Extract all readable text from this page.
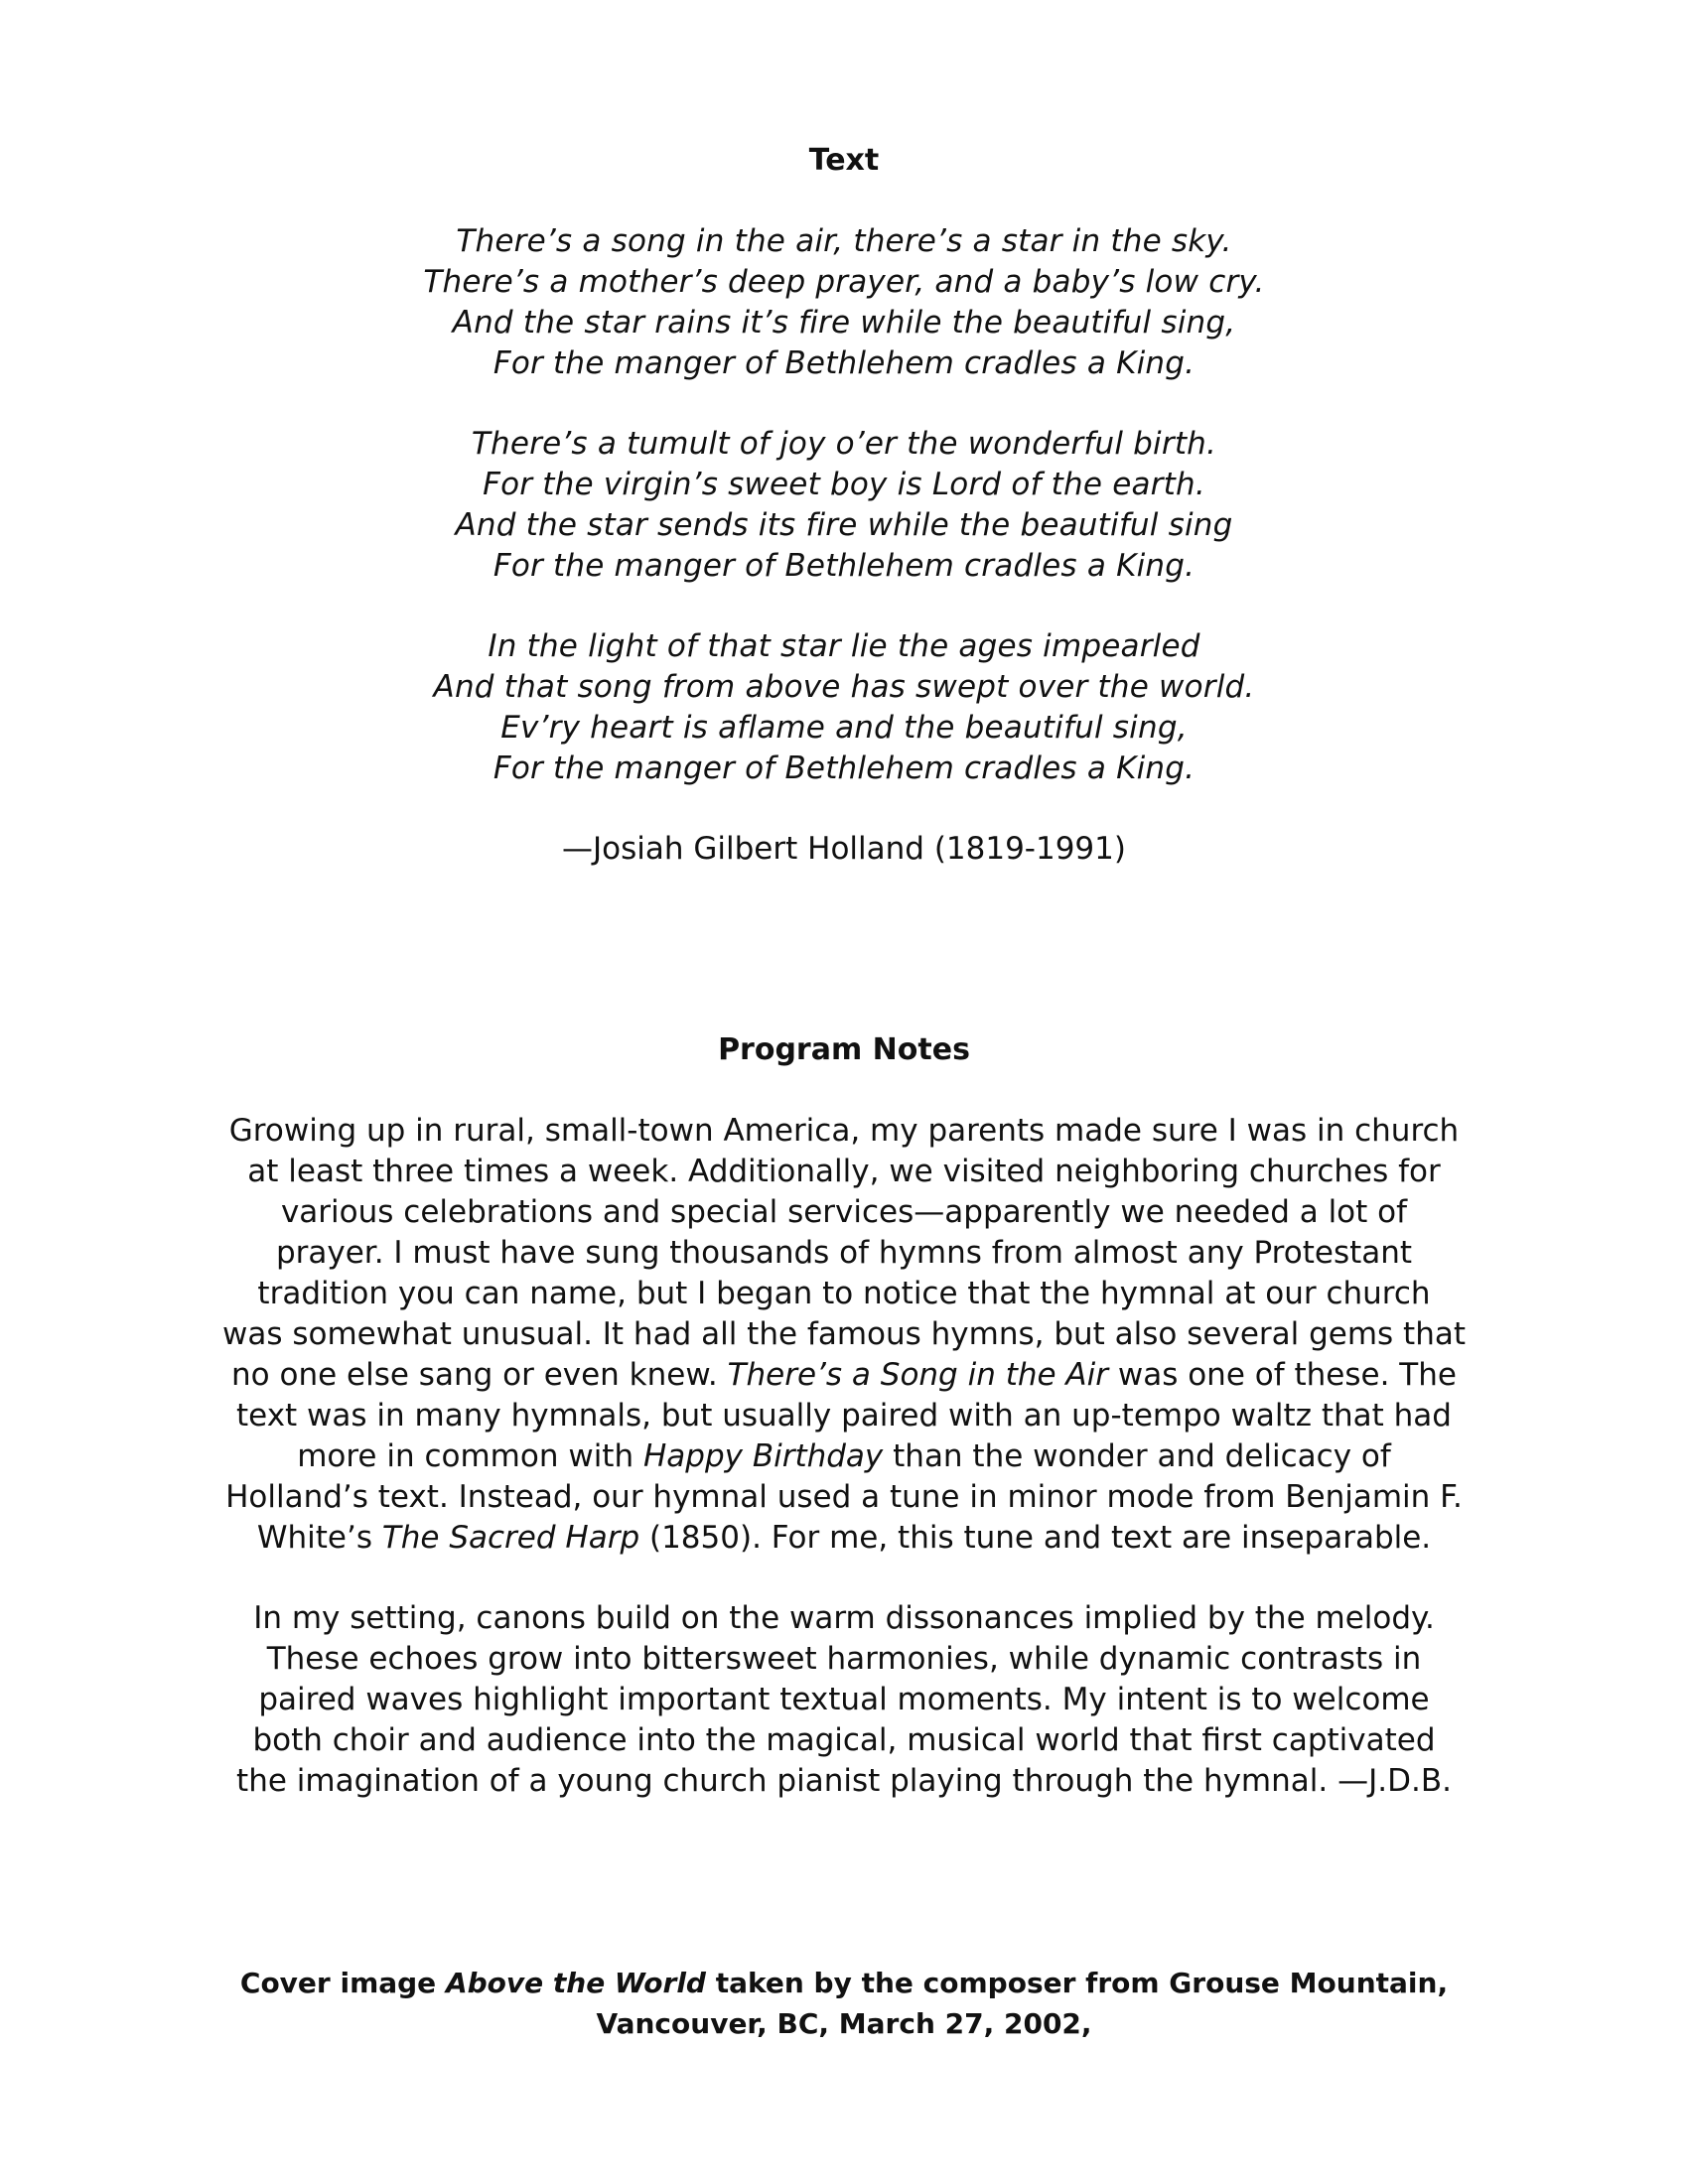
Text
There’s a song in the air, there’s a star in the sky.
There’s a mother’s deep prayer, and a baby’s low cry.
And the star rains it’s fire while the beautiful sing,
For the manger of Bethlehem cradles a King.
There’s a tumult of joy o’er the wonderful birth.
For the virgin’s sweet boy is Lord of the earth.
And the star sends its fire while the beautiful sing
For the manger of Bethlehem cradles a King.
In the light of that star lie the ages impearled
And that song from above has swept over the world.
Ev’ry heart is aflame and the beautiful sing,
For the manger of Bethlehem cradles a King.
—Josiah Gilbert Holland (1819-1991)
Program Notes
Growing up in rural, small-town America, my parents made sure I was in church
at least three times a week. Additionally, we visited neighboring churches for
various celebrations and special services—apparently we needed a lot of
prayer. I must have sung thousands of hymns from almost any Protestant
tradition you can name, but I began to notice that the hymnal at our church
was somewhat unusual. It had all the famous hymns, but also several gems that
no one else sang or even knew. There’s a Song in the Air was one of these. The
text was in many hymnals, but usually paired with an up-tempo waltz that had
more in common with Happy Birthday than the wonder and delicacy of
Holland’s text. Instead, our hymnal used a tune in minor mode from Benjamin F.
White’s The Sacred Harp (1850). For me, this tune and text are inseparable.
In my setting, canons build on the warm dissonances implied by the melody.
These echoes grow into bittersweet harmonies, while dynamic contrasts in
paired waves highlight important textual moments. My intent is to welcome
both choir and audience into the magical, musical world that first captivated
the imagination of a young church pianist playing through the hymnal. —J.D.B.
Cover image Above the World taken by the composer from Grouse Mountain,
Vancouver, BC, March 27, 2002,
